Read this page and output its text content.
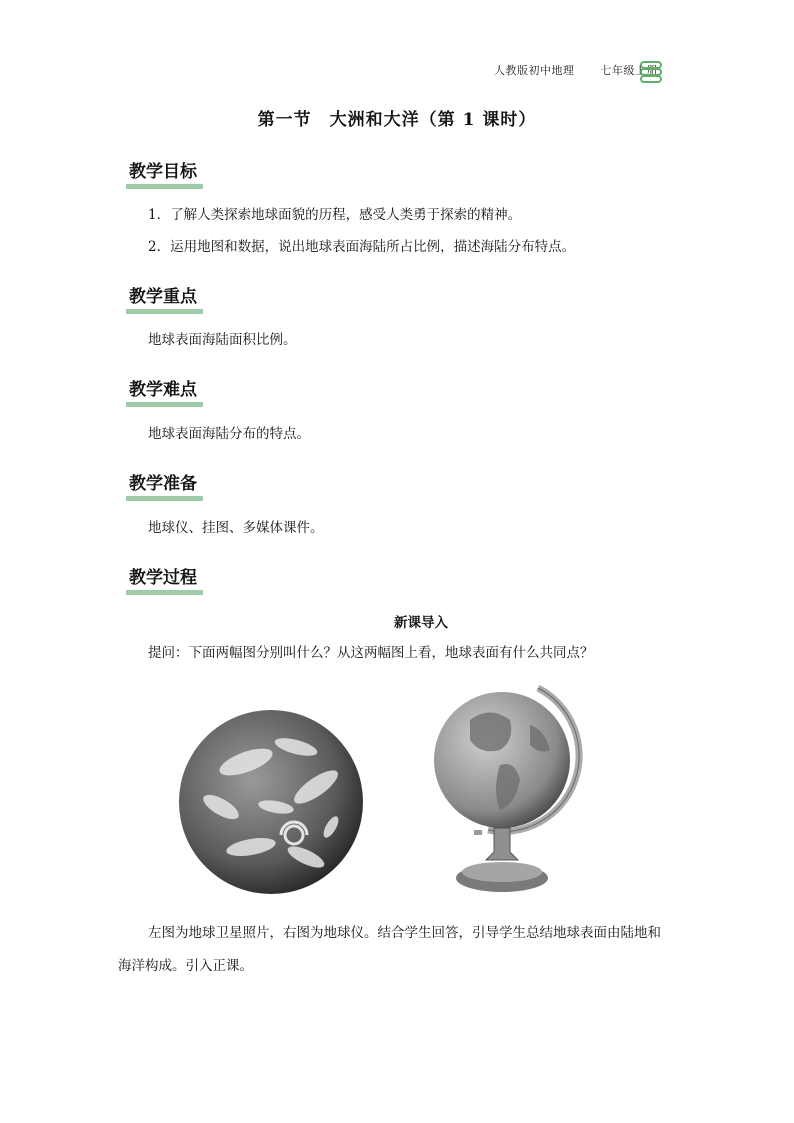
人教版初中地理 七年级上册
第一节　大洲和大洋（第 1 课时）
教学目标
1．了解人类探索地球面貌的历程，感受人类勇于探索的精神。
2．运用地图和数据，说出地球表面海陆所占比例，描述海陆分布特点。
教学重点
地球表面海陆面积比例。
教学难点
地球表面海陆分布的特点。
教学准备
地球仪、挂图、多媒体课件。
教学过程
新课导入
提问：下面两幅图分别叫什么？从这两幅图上看，地球表面有什么共同点？
左图为地球卫星照片，右图为地球仪。结合学生回答，引导学生总结地球表面由陆地和
海洋构成。引入正课。
